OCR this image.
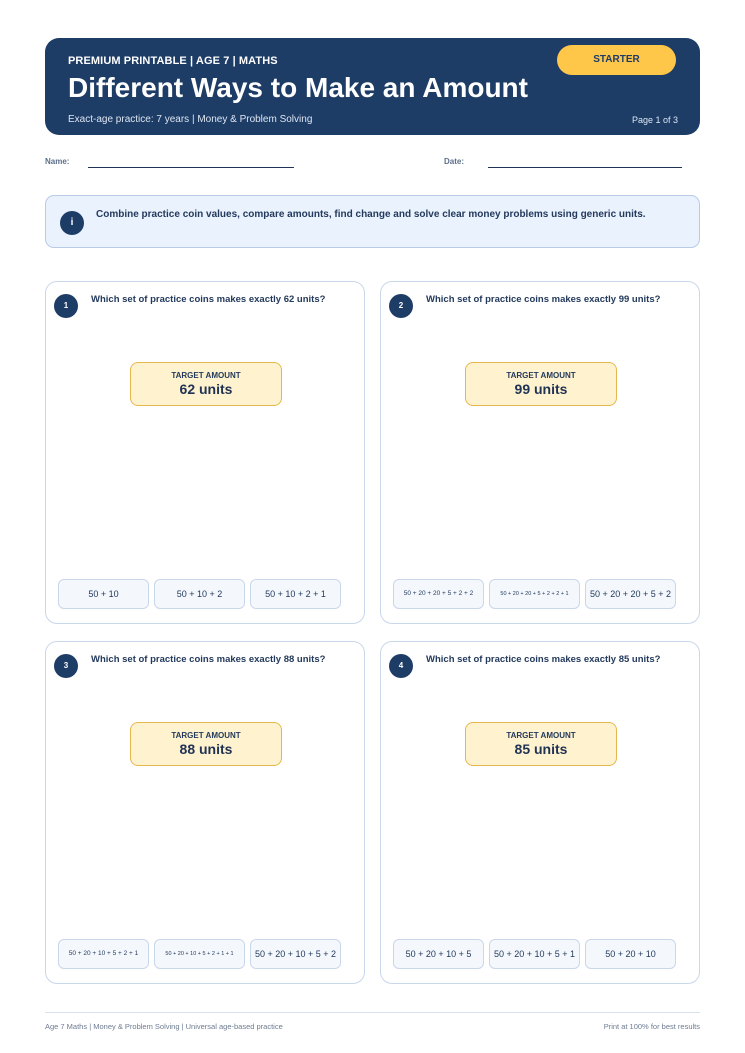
PREMIUM PRINTABLE | AGE 7 | MATHS
Different Ways to Make an Amount
Exact-age practice: 7 years | Money & Problem Solving	Page 1 of 3
STARTER
Name:	Date:
i
Combine practice coin values, compare amounts, find change and solve clear money problems using generic units.
1
Which set of practice coins makes exactly 62 units?
TARGET AMOUNT
62 units
50 + 10	50 + 10 + 2	50 + 10 + 2 + 1
2
Which set of practice coins makes exactly 99 units?
TARGET AMOUNT
99 units
50 + 20 + 20 + 5 + 2 + 2	50 + 20 + 20 + 5 + 2 + 2 + 1	50 + 20 + 20 + 5 + 2
3
Which set of practice coins makes exactly 88 units?
TARGET AMOUNT
88 units
50 + 20 + 10 + 5 + 2 + 1	50 + 20 + 10 + 5 + 2 + 1 + 1	50 + 20 + 10 + 5 + 2
4
Which set of practice coins makes exactly 85 units?
TARGET AMOUNT
85 units
50 + 20 + 10 + 5	50 + 20 + 10 + 5 + 1	50 + 20 + 10
Age 7 Maths | Money & Problem Solving | Universal age-based practice	Print at 100% for best results
